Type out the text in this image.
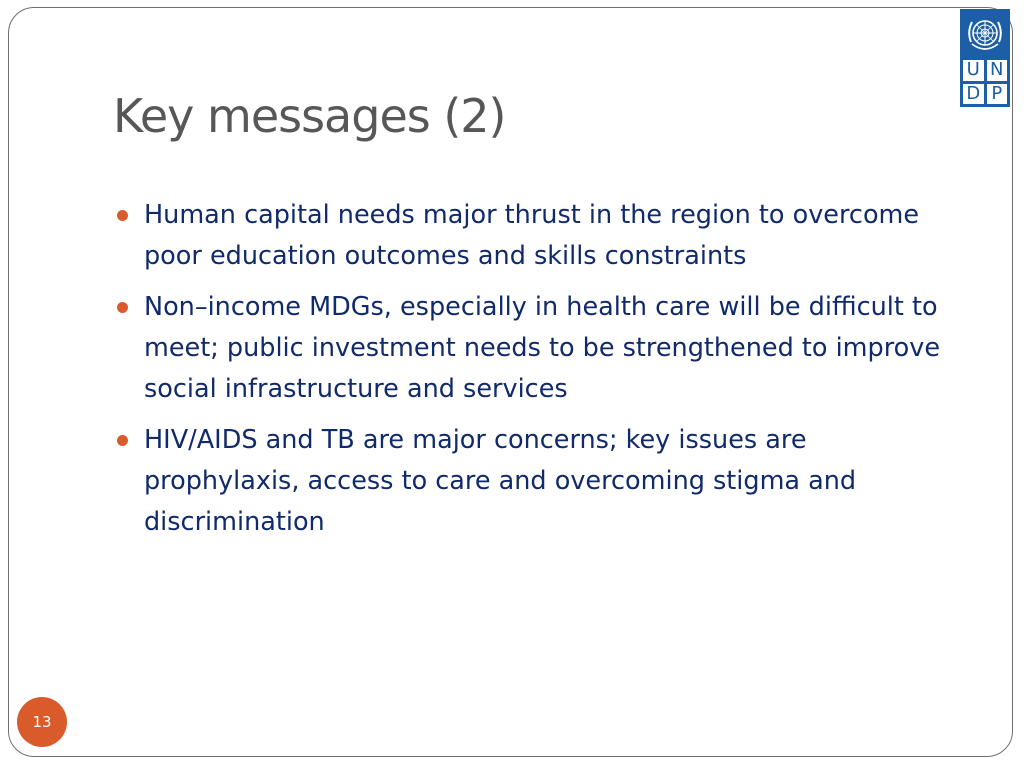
Key messages (2)
U N
D P
Human capital needs major thrust in the region to overcome poor education outcomes and skills constraints
Non–income MDGs, especially in health care will be difficult to meet; public investment needs to be strengthened to improve social infrastructure and services
HIV/AIDS and TB are major concerns; key issues are prophylaxis, access to care and overcoming stigma and discrimination
13
